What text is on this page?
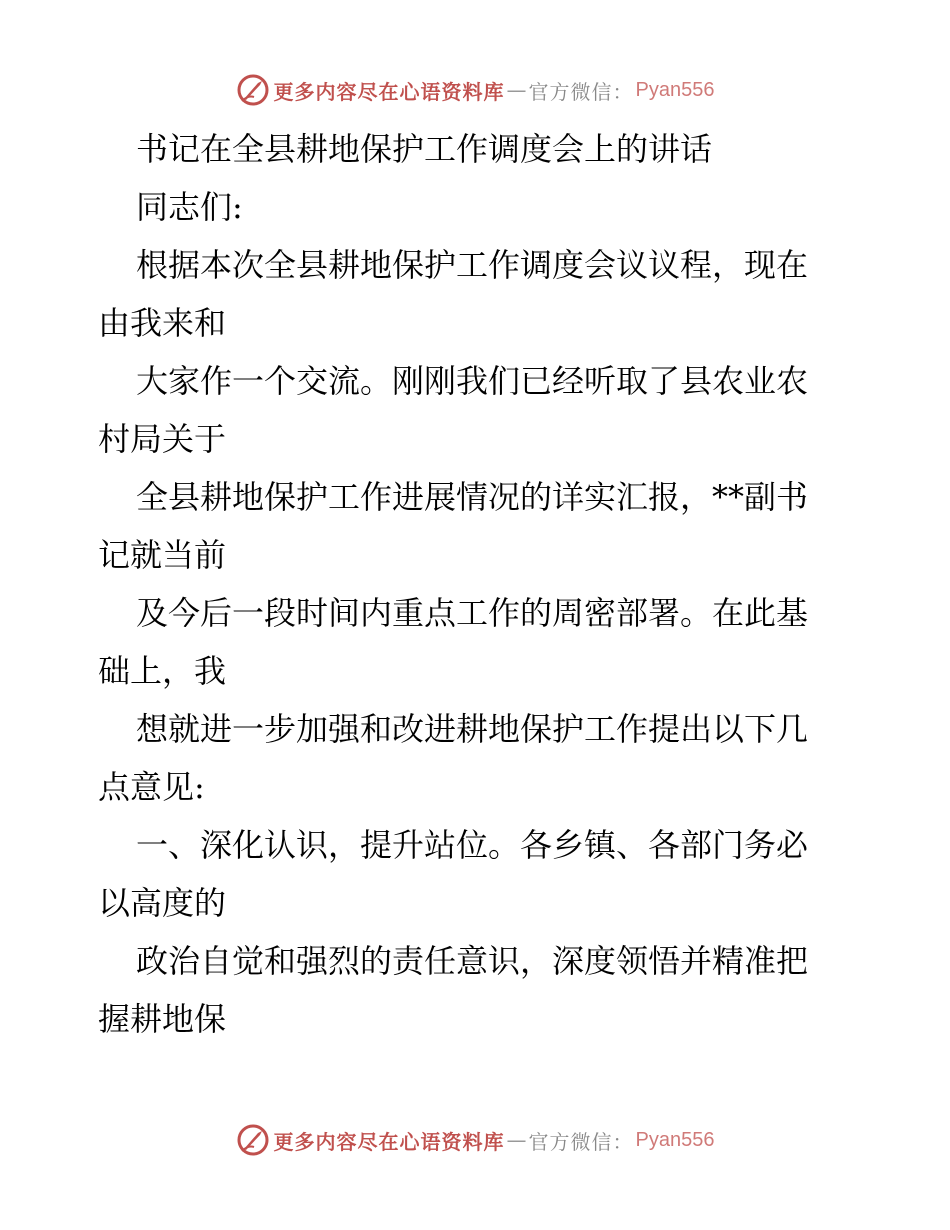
更多内容尽在心语资料库 — 官方微信： Pyan556
书记在全县耕地保护工作调度会上的讲话
同志们:
根据本次全县耕地保护工作调度会议议程，现在
由我来和
大家作一个交流。刚刚我们已经听取了县农业农
村局关于
全县耕地保护工作进展情况的详实汇报，**副书
记就当前
及今后一段时间内重点工作的周密部署。在此基
础上，我
想就进一步加强和改进耕地保护工作提出以下几
点意见:
一、深化认识，提升站位。各乡镇、各部门务必
以高度的
政治自觉和强烈的责任意识，深度领悟并精准把
握耕地保
更多内容尽在心语资料库 — 官方微信： Pyan556
